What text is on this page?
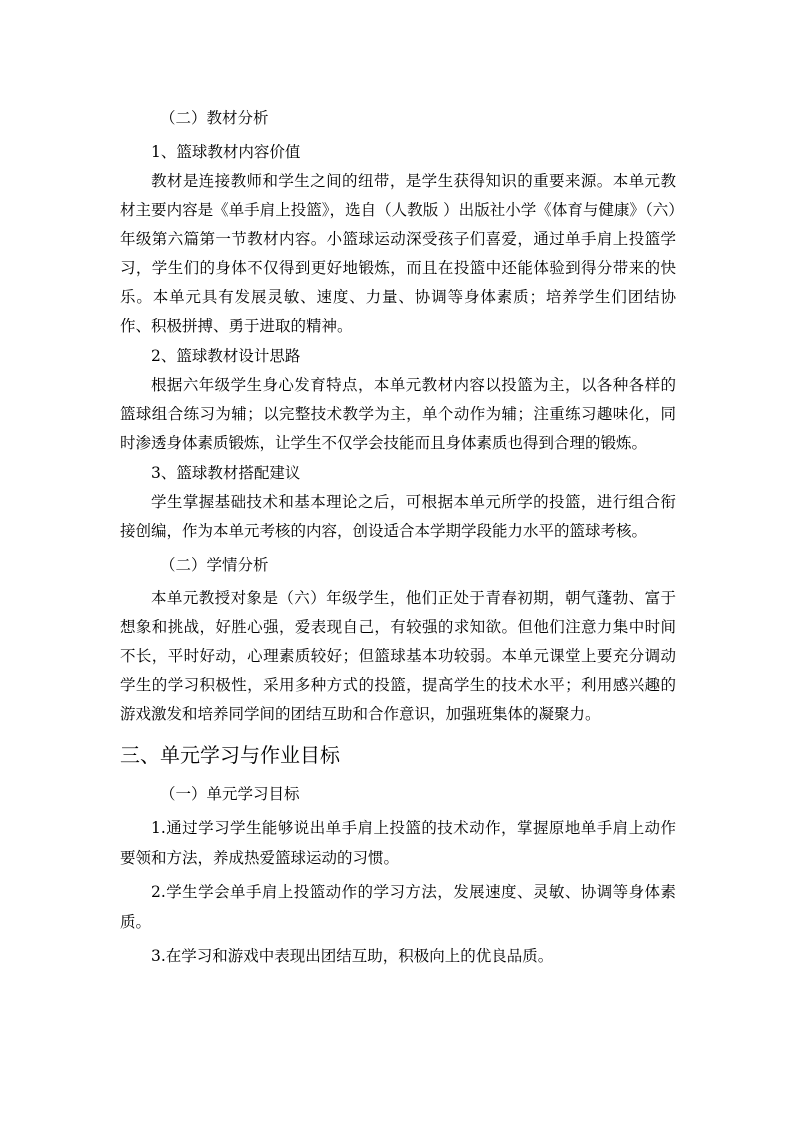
（二）教材分析
1、篮球教材内容价值

教材是连接教师和学生之间的纽带，是学生获得知识的重要来源。本单元教材主要内容是《单手肩上投篮》，选自（人教版 ）出版社小学《体育与健康》（六）年级第六篇第一节教材内容。小篮球运动深受孩子们喜爱，通过单手肩上投篮学习，学生们的身体不仅得到更好地锻炼，而且在投篮中还能体验到得分带来的快乐。本单元具有发展灵敏、速度、力量、协调等身体素质；培养学生们团结协作、积极拼搏、勇于进取的精神。

2、篮球教材设计思路

根据六年级学生身心发育特点，本单元教材内容以投篮为主，以各种各样的篮球组合练习为辅；以完整技术教学为主，单个动作为辅；注重练习趣味化，同时渗透身体素质锻炼，让学生不仅学会技能而且身体素质也得到合理的锻炼。

3、篮球教材搭配建议

学生掌握基础技术和基本理论之后，可根据本单元所学的投篮，进行组合衔接创编，作为本单元考核的内容，创设适合本学期学段能力水平的篮球考核。

（二）学情分析

本单元教授对象是（六）年级学生，他们正处于青春初期，朝气蓬勃、富于想象和挑战，好胜心强，爱表现自己，有较强的求知欲。但他们注意力集中时间不长，平时好动，心理素质较好；但篮球基本功较弱。本单元课堂上要充分调动学生的学习积极性，采用多种方式的投篮，提高学生的技术水平；利用感兴趣的游戏激发和培养同学间的团结互助和合作意识，加强班集体的凝聚力。

三、单元学习与作业目标
（一）单元学习目标

1.通过学习学生能够说出单手肩上投篮的技术动作，掌握原地单手肩上动作要领和方法，养成热爱篮球运动的习惯。

2.学生学会单手肩上投篮动作的学习方法，发展速度、灵敏、协调等身体素质。

3.在学习和游戏中表现出团结互助，积极向上的优良品质。
